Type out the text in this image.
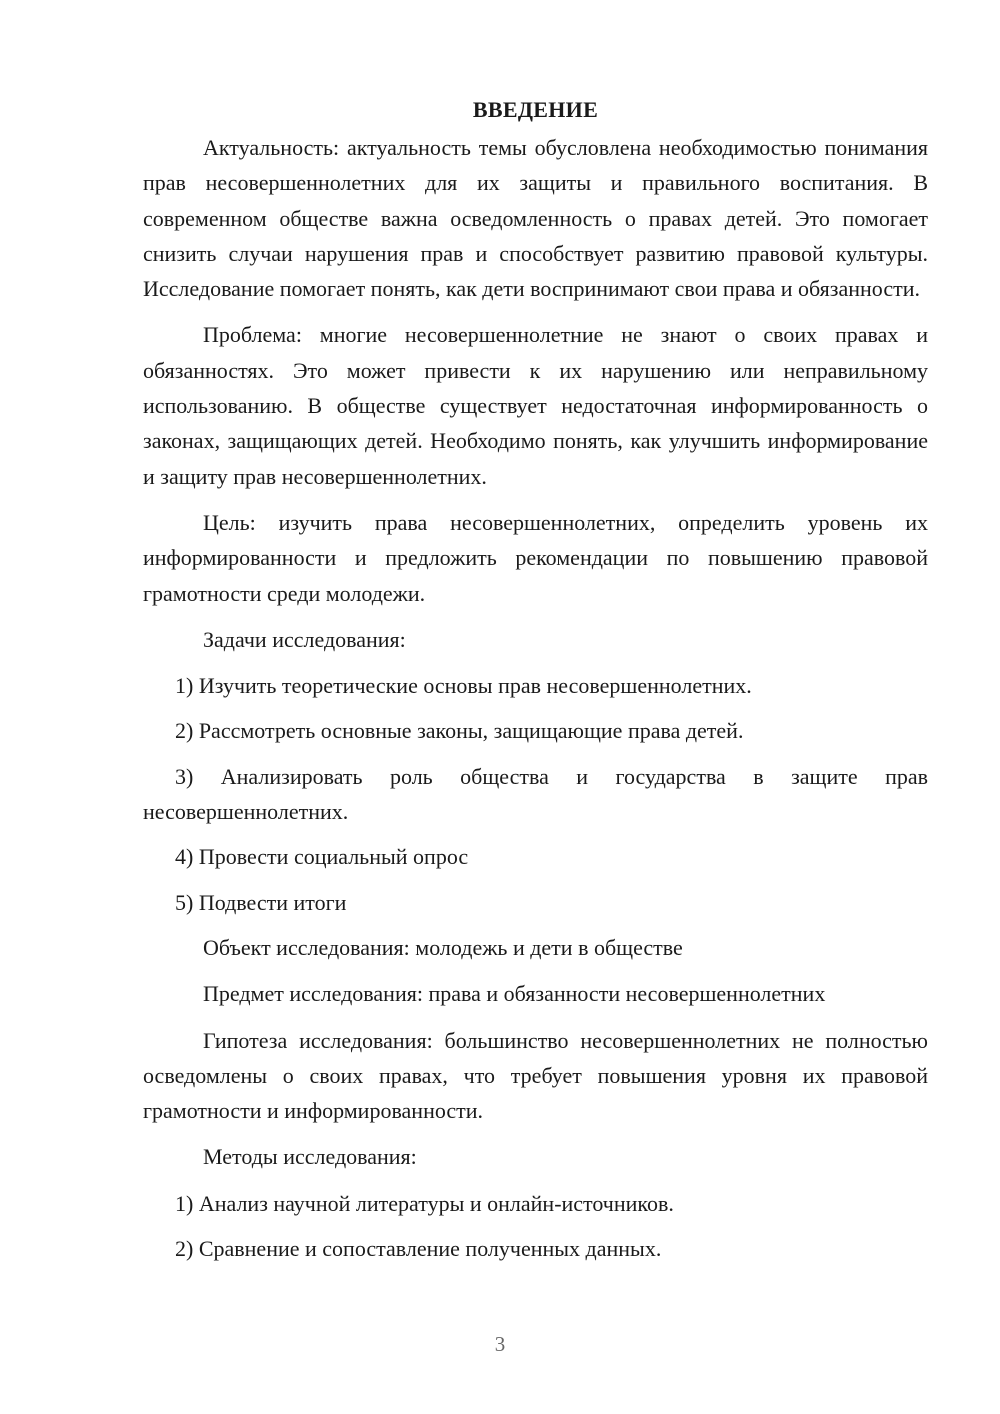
ВВЕДЕНИЕ

Актуальность: актуальность темы обусловлена необходимостью понимания прав несовершеннолетних для их защиты и правильного воспитания. В современном обществе важна осведомленность о правах детей. Это помогает снизить случаи нарушения прав и способствует развитию правовой культуры. Исследование помогает понять, как дети воспринимают свои права и обязанности.

Проблема: многие несовершеннолетние не знают о своих правах и обязанностях. Это может привести к их нарушению или неправильному использованию. В обществе существует недостаточная информированность о законах, защищающих детей. Необходимо понять, как улучшить информирование и защиту прав несовершеннолетних.

Цель: изучить права несовершеннолетних, определить уровень их информированности и предложить рекомендации по повышению правовой грамотности среди молодежи.

Задачи исследования:

1) Изучить теоретические основы прав несовершеннолетних.

2) Рассмотреть основные законы, защищающие права детей.

3) Анализировать роль общества и государства в защите прав несовершеннолетних.

4) Провести социальный опрос

5) Подвести итоги

Объект исследования: молодежь и дети в обществе

Предмет исследования: права и обязанности несовершеннолетних

Гипотеза исследования: большинство несовершеннолетних не полностью осведомлены о своих правах, что требует повышения уровня их правовой грамотности и информированности.

Методы исследования:

1) Анализ научной литературы и онлайн-источников.

2) Сравнение и сопоставление полученных данных.

3
